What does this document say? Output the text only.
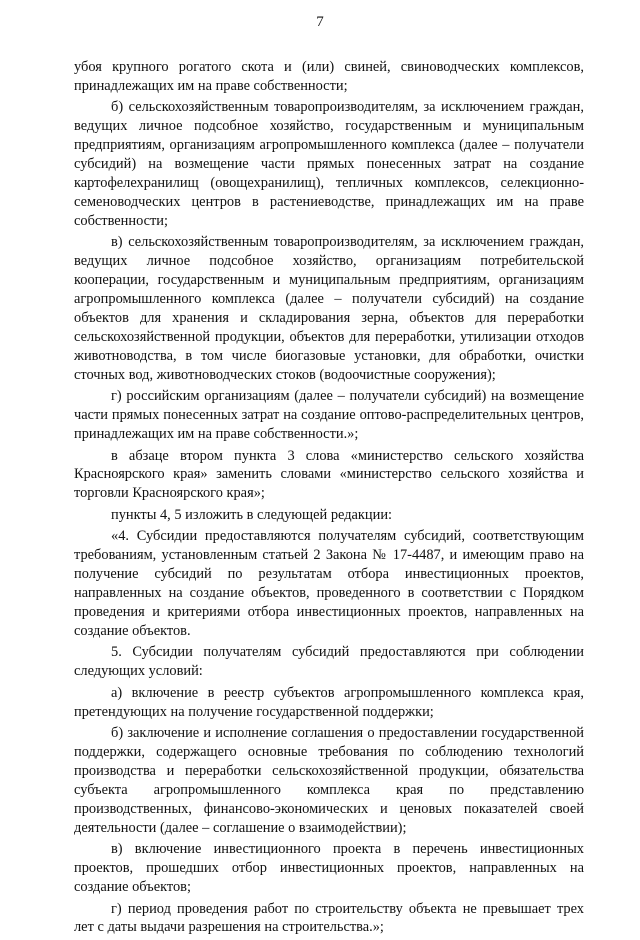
7

убоя крупного рогатого скота и (или) свиней, свиноводческих комплексов, принадлежащих им на праве собственности;

б) сельскохозяйственным товаропроизводителям, за исключением граждан, ведущих личное подсобное хозяйство, государственным и муниципальным предприятиям, организациям агропромышленного комплекса (далее – получатели субсидий) на возмещение части прямых понесенных затрат на создание картофелехранилищ (овощехранилищ), тепличных комплексов, селекционно-семеноводческих центров в растениеводстве, принадлежащих им на праве собственности;

в) сельскохозяйственным товаропроизводителям, за исключением граждан, ведущих личное подсобное хозяйство, организациям потребительской кооперации, государственным и муниципальным предприятиям, организациям агропромышленного комплекса (далее – получатели субсидий) на создание объектов для хранения и складирования зерна, объектов для переработки сельскохозяйственной продукции, объектов для переработки, утилизации отходов животноводства, в том числе биогазовые установки, для обработки, очистки сточных вод, животноводческих стоков (водоочистные сооружения);

г) российским организациям (далее – получатели субсидий) на возмещение части прямых понесенных затрат на создание оптово-распределительных центров, принадлежащих им на праве собственности.»;

в абзаце втором пункта 3 слова «министерство сельского хозяйства Красноярского края» заменить словами «министерство сельского хозяйства и торговли Красноярского края»;

пункты 4, 5 изложить в следующей редакции:

«4. Субсидии предоставляются получателям субсидий, соответствующим требованиям, установленным статьей 2 Закона № 17-4487, и имеющим право на получение субсидий по результатам отбора инвестиционных проектов, направленных на создание объектов, проведенного в соответствии с Порядком проведения и критериями отбора инвестиционных проектов, направленных на создание объектов.

5. Субсидии получателям субсидий предоставляются при соблюдении следующих условий:

а) включение в реестр субъектов агропромышленного комплекса края, претендующих на получение государственной поддержки;

б) заключение и исполнение соглашения о предоставлении государственной поддержки, содержащего основные требования по соблюдению технологий производства и переработки сельскохозяйственной продукции, обязательства субъекта агропромышленного комплекса края по представлению производственных, финансово-экономических и ценовых показателей своей деятельности (далее – соглашение о взаимодействии);

в) включение инвестиционного проекта в перечень инвестиционных проектов, прошедших отбор инвестиционных проектов, направленных на создание объектов;

г) период проведения работ по строительству объекта не превышает трех лет с даты выдачи разрешения на строительства.»;
